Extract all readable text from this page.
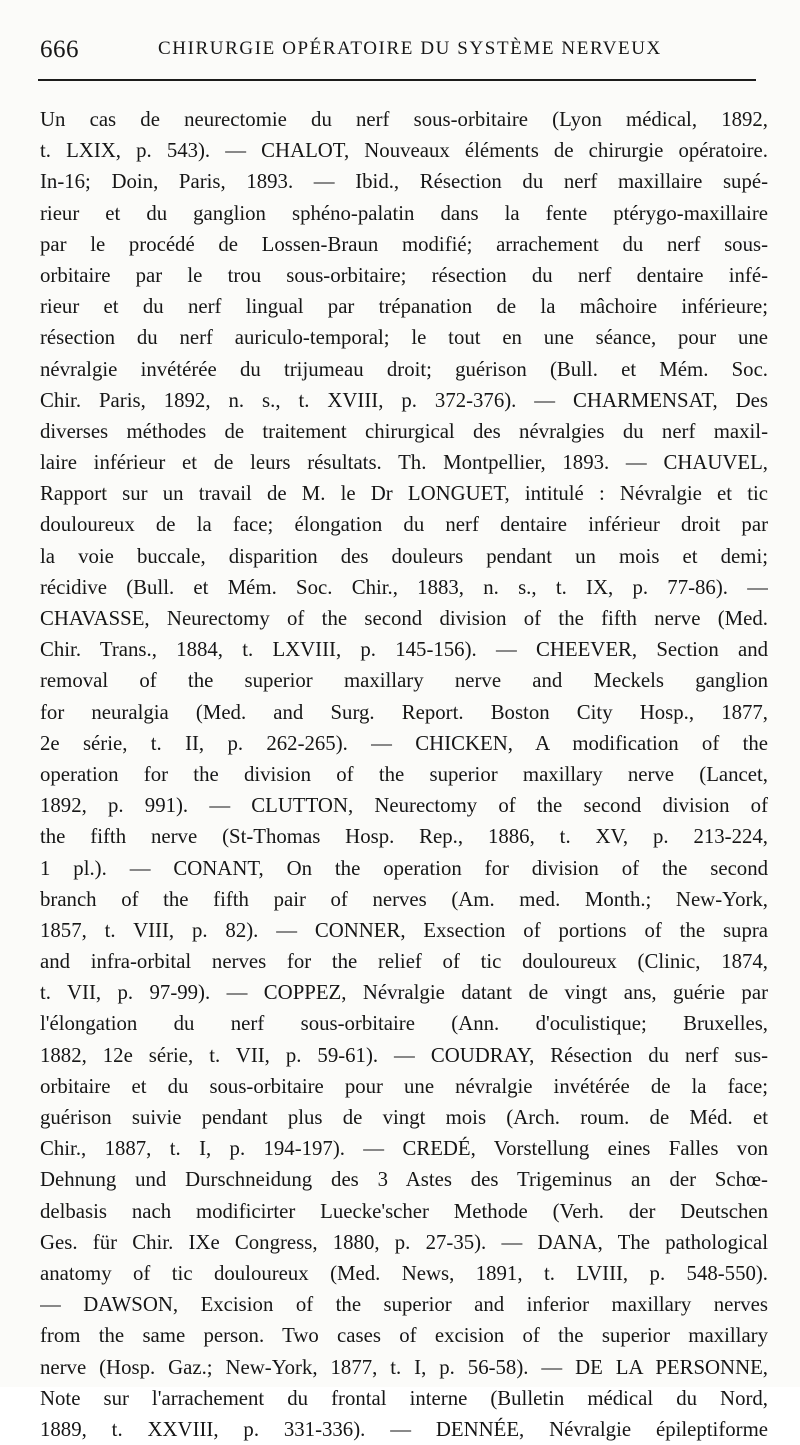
666	CHIRURGIE OPÉRATOIRE DU SYSTÈME NERVEUX
Un cas de neurectomie du nerf sous-orbitaire (Lyon médical, 1892,
t. LXIX, p. 543). — CHALOT, Nouveaux éléments de chirurgie opératoire.
In-16; Doin, Paris, 1893. — Ibid., Résection du nerf maxillaire supé-
rieur et du ganglion sphéno-palatin dans la fente ptérygo-maxillaire
par le procédé de Lossen-Braun modifié; arrachement du nerf sous-
orbitaire par le trou sous-orbitaire; résection du nerf dentaire infé-
rieur et du nerf lingual par trépanation de la mâchoire inférieure;
résection du nerf auriculo-temporal; le tout en une séance, pour une
névralgie invétérée du trijumeau droit; guérison (Bull. et Mém. Soc.
Chir. Paris, 1892, n. s., t. XVIII, p. 372-376). — CHARMENSAT, Des
diverses méthodes de traitement chirurgical des névralgies du nerf maxil-
laire inférieur et de leurs résultats. Th. Montpellier, 1893. — CHAUVEL,
Rapport sur un travail de M. le Dr LONGUET, intitulé : Névralgie et tic
douloureux de la face; élongation du nerf dentaire inférieur droit par
la voie buccale, disparition des douleurs pendant un mois et demi;
récidive (Bull. et Mém. Soc. Chir., 1883, n. s., t. IX, p. 77-86). —
CHAVASSE, Neurectomy of the second division of the fifth nerve (Med.
Chir. Trans., 1884, t. LXVIII, p. 145-156). — CHEEVER, Section and
removal of the superior maxillary nerve and Meckels ganglion
for neuralgia (Med. and Surg. Report. Boston City Hosp., 1877,
2e série, t. II, p. 262-265). — CHICKEN, A modification of the
operation for the division of the superior maxillary nerve (Lancet,
1892, p. 991). — CLUTTON, Neurectomy of the second division of
the fifth nerve (St-Thomas Hosp. Rep., 1886, t. XV, p. 213-224,
1 pl.). — CONANT, On the operation for division of the second
branch of the fifth pair of nerves (Am. med. Month.; New-York,
1857, t. VIII, p. 82). — CONNER, Exsection of portions of the supra
and infra-orbital nerves for the relief of tic douloureux (Clinic, 1874,
t. VII, p. 97-99). — COPPEZ, Névralgie datant de vingt ans, guérie par
l'élongation du nerf sous-orbitaire (Ann. d'oculistique; Bruxelles,
1882, 12e série, t. VII, p. 59-61). — COUDRAY, Résection du nerf sus-
orbitaire et du sous-orbitaire pour une névralgie invétérée de la face;
guérison suivie pendant plus de vingt mois (Arch. roum. de Méd. et
Chir., 1887, t. I, p. 194-197). — CREDÉ, Vorstellung eines Falles von
Dehnung und Durschneidung des 3 Astes des Trigeminus an der Schœ-
delbasis nach modificirter Luecke'scher Methode (Verh. der Deutschen
Ges. für Chir. IXe Congress, 1880, p. 27-35). — DANA, The pathological
anatomy of tic douloureux (Med. News, 1891, t. LVIII, p. 548-550).
— DAWSON, Excision of the superior and inferior maxillary nerves
from the same person. Two cases of excision of the superior maxillary
nerve (Hosp. Gaz.; New-York, 1877, t. I, p. 56-58). — DE LA PERSONNE,
Note sur l'arrachement du frontal interne (Bulletin médical du Nord,
1889, t. XXVIII, p. 331-336). — DENNÉE, Névralgie épileptiforme
